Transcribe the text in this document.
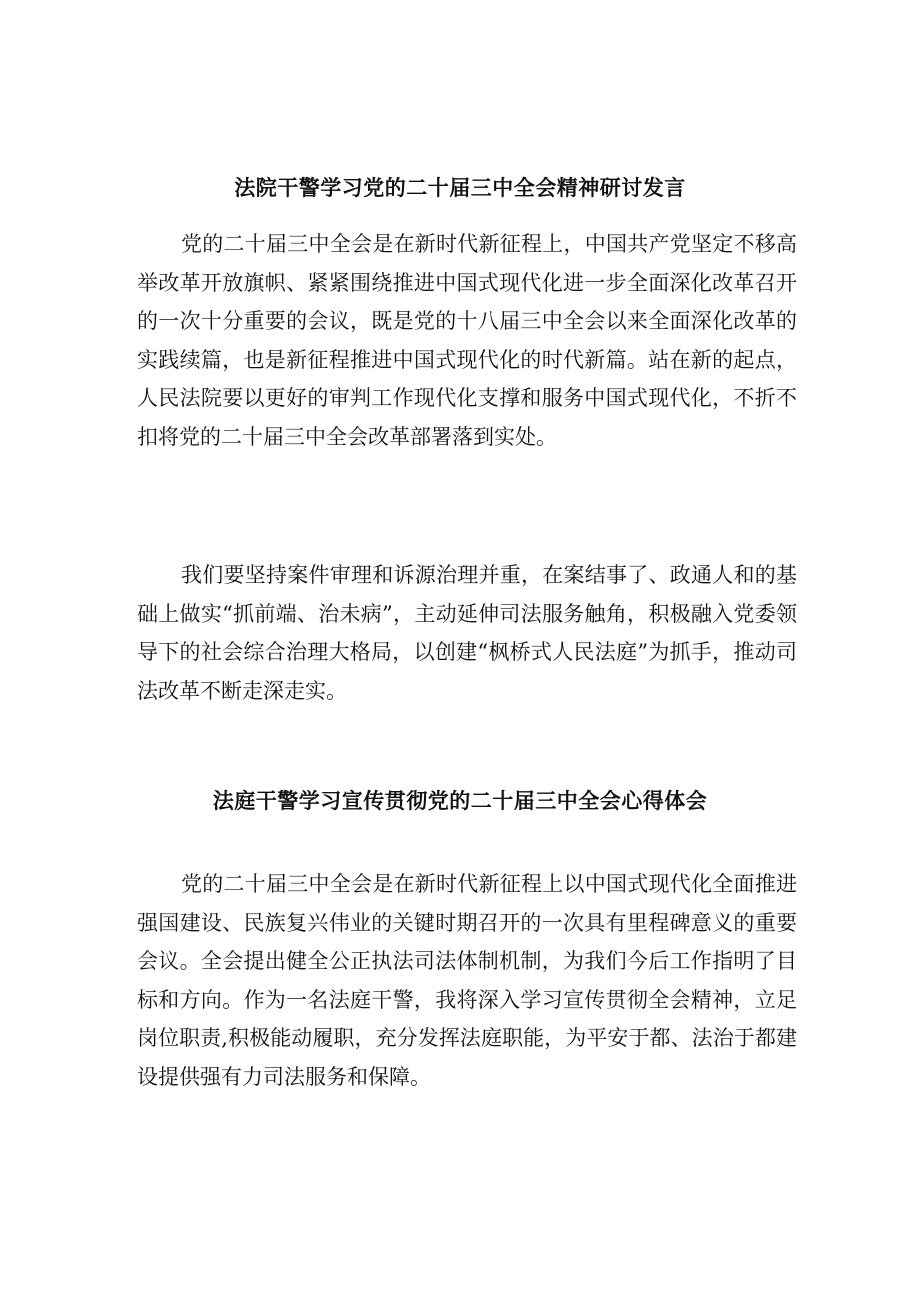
法院干警学习党的二十届三中全会精神研讨发言

党的二十届三中全会是在新时代新征程上，中国共产党坚定不移高举改革开放旗帜、紧紧围绕推进中国式现代化进一步全面深化改革召开的一次十分重要的会议，既是党的十八届三中全会以来全面深化改革的实践续篇，也是新征程推进中国式现代化的时代新篇。站在新的起点，人民法院要以更好的审判工作现代化支撑和服务中国式现代化，不折不扣将党的二十届三中全会改革部署落到实处。

我们要坚持案件审理和诉源治理并重，在案结事了、政通人和的基础上做实“抓前端、治未病”，主动延伸司法服务触角，积极融入党委领导下的社会综合治理大格局，以创建“枫桥式人民法庭”为抓手，推动司法改革不断走深走实。

法庭干警学习宣传贯彻党的二十届三中全会心得体会

党的二十届三中全会是在新时代新征程上以中国式现代化全面推进强国建设、民族复兴伟业的关键时期召开的一次具有里程碑意义的重要会议。全会提出健全公正执法司法体制机制，为我们今后工作指明了目标和方向。作为一名法庭干警，我将深入学习宣传贯彻全会精神，立足岗位职责,积极能动履职，充分发挥法庭职能，为平安于都、法治于都建设提供强有力司法服务和保障。
